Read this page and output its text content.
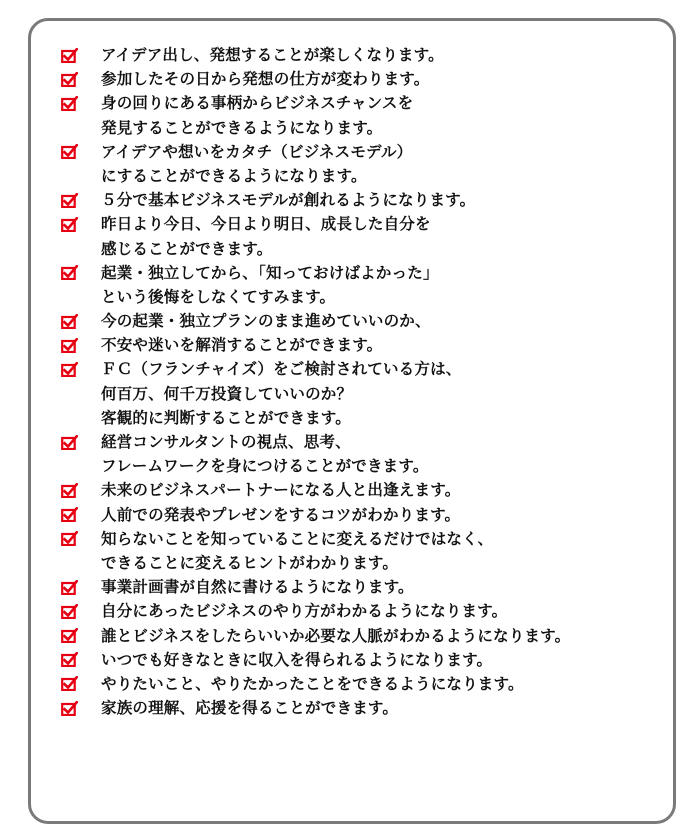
アイデア出し、発想することが楽しくなります。
参加したその日から発想の仕方が変わります。
身の回りにある事柄からビジネスチャンスを
発見することができるようになります。
アイデアや想いをカタチ（ビジネスモデル）
にすることができるようになります。
５分で基本ビジネスモデルが創れるようになります。
昨日より今日、今日より明日、成長した自分を
感じることができます。
起業・独立してから、「知っておけばよかった」
という後悔をしなくてすみます。
今の起業・独立プランのまま進めていいのか、
不安や迷いを解消することができます。
ＦＣ（フランチャイズ）をご検討されている方は、
何百万、何千万投資していいのか？
客観的に判断することができます。
経営コンサルタントの視点、思考、
フレームワークを身につけることができます。
未来のビジネスパートナーになる人と出逢えます。
人前での発表やプレゼンをするコツがわかります。
知らないことを知っていることに変えるだけではなく、
できることに変えるヒントがわかります。
事業計画書が自然に書けるようになります。
自分にあったビジネスのやり方がわかるようになります。
誰とビジネスをしたらいいか必要な人脈がわかるようになります。
いつでも好きなときに収入を得られるようになります。
やりたいこと、やりたかったことをできるようになります。
家族の理解、応援を得ることができます。
